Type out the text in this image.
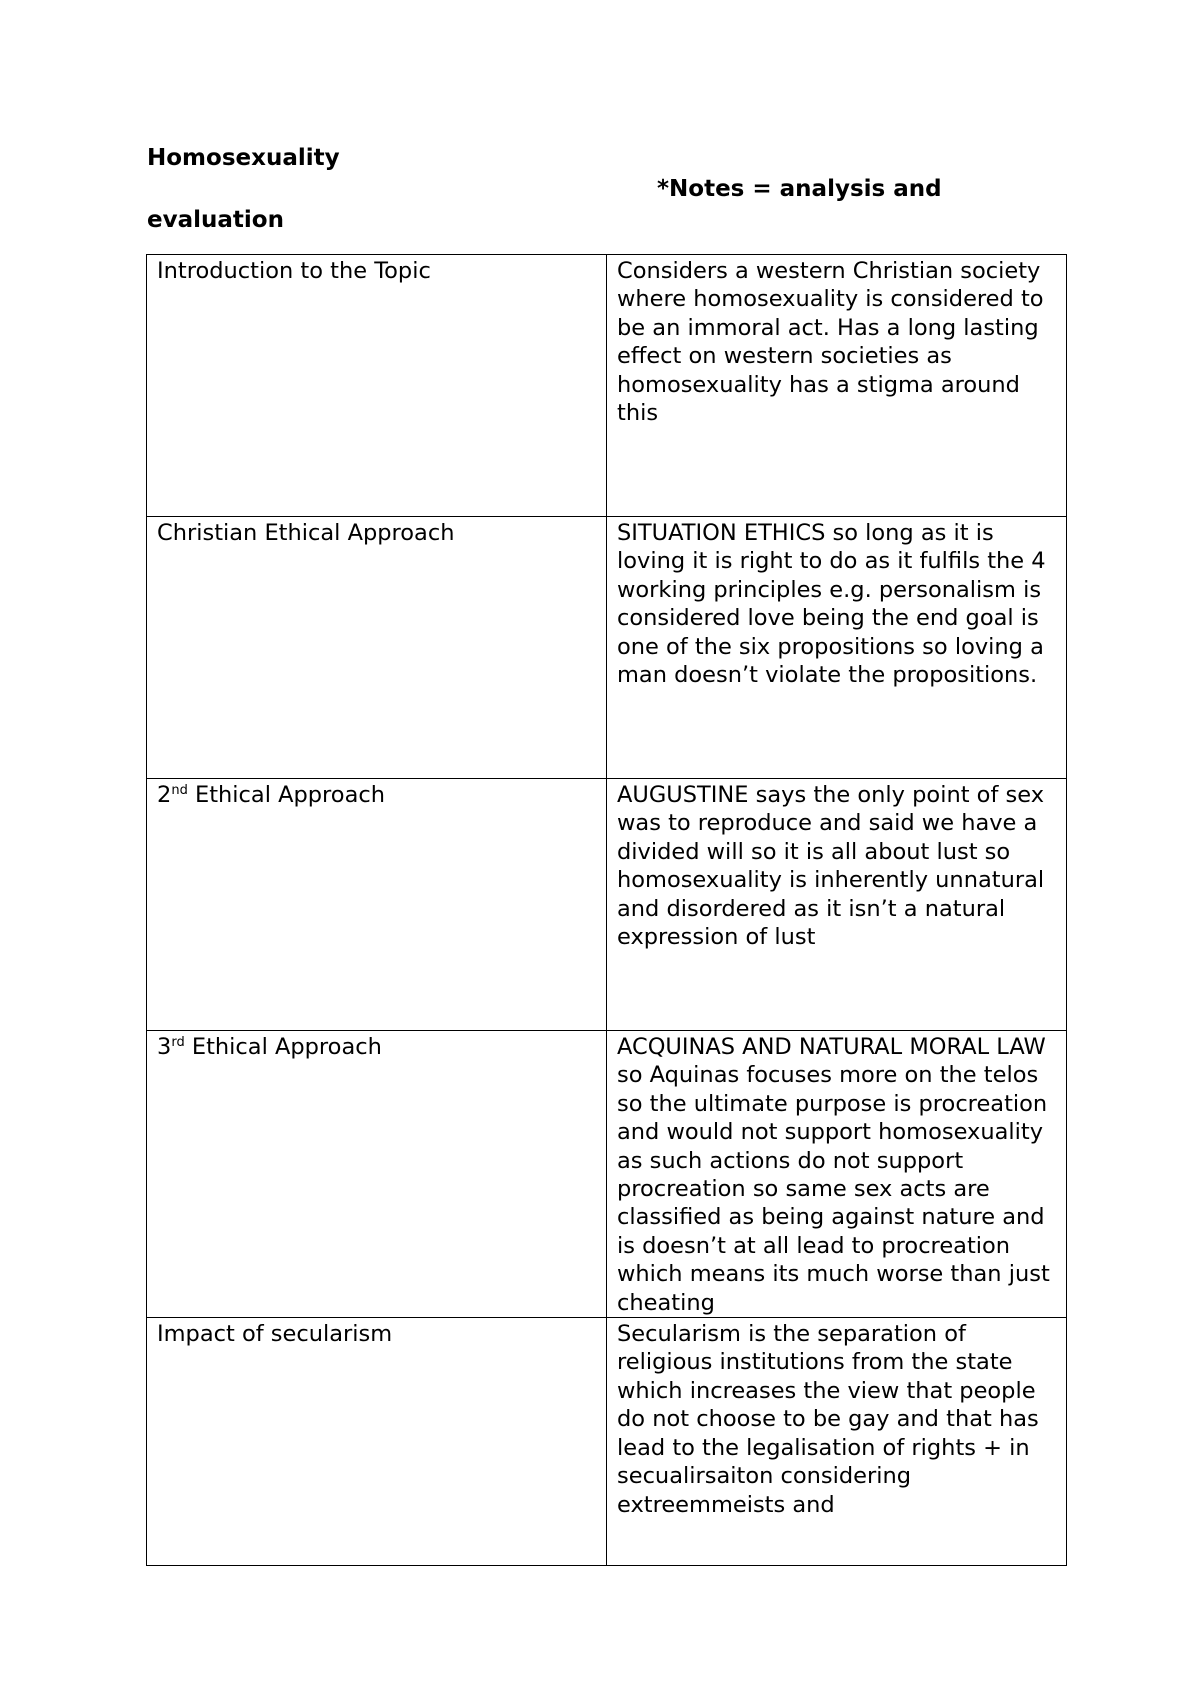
Homosexuality
*Notes = analysis and
evaluation
Introduction to the Topic	Considers a western Christian society where homosexuality is considered to be an immoral act. Has a long lasting effect on western societies as homosexuality has a stigma around this
Christian Ethical Approach	SITUATION ETHICS so long as it is loving it is right to do as it fulfils the 4 working principles e.g. personalism is considered love being the end goal is one of the six propositions so loving a man doesn’t violate the propositions.
2nd Ethical Approach	AUGUSTINE says the only point of sex was to reproduce and said we have a divided will so it is all about lust so homosexuality is inherently unnatural and disordered as it isn’t a natural expression of lust
3rd Ethical Approach	ACQUINAS AND NATURAL MORAL LAW so Aquinas focuses more on the telos so the ultimate purpose is procreation and would not support homosexuality as such actions do not support procreation so same sex acts are classified as being against nature and is doesn’t at all lead to procreation which means its much worse than just cheating
Impact of secularism	Secularism is the separation of religious institutions from the state which increases the view that people do not choose to be gay and that has lead to the legalisation of rights + in secualirsaiton considering extreemmeists and
